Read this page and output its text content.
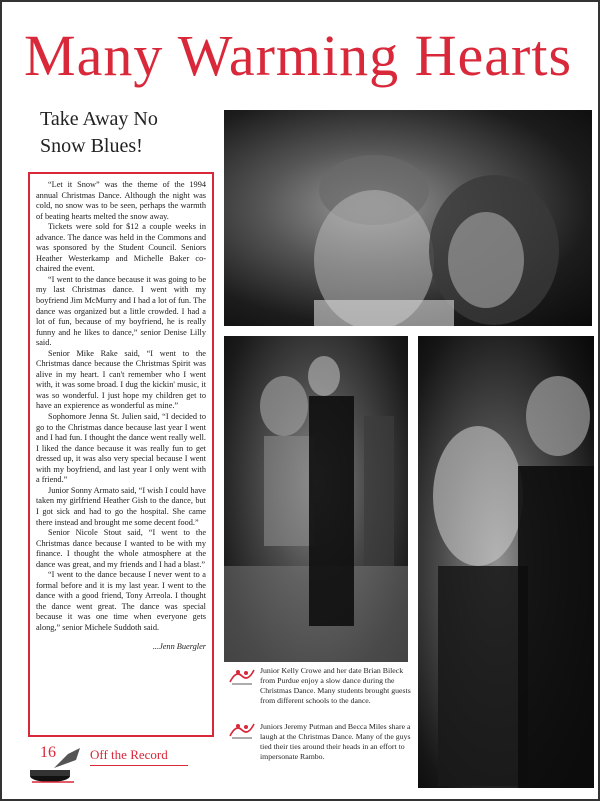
Many Warming Hearts
Take Away No
Snow Blues!

“Let it Snow” was the theme of the 1994 annual Christmas Dance. Although the night was cold, no snow was to be seen, perhaps the warmth of beating hearts melted the snow away.

Tickets were sold for $12 a couple weeks in advance. The dance was held in the Commons and was sponsored by the Student Council. Seniors Heather Westerkamp and Michelle Baker co-chaired the event.

“I went to the dance because it was going to be my last Christmas dance. I went with my boyfriend Jim McMurry and I had a lot of fun. The dance was organized but a little crowded. I had a lot of fun, because of my boyfriend, he is really funny and he likes to dance,” senior Denise Lilly said.

Senior Mike Rake said, “I went to the Christmas dance because the Christmas Spirit was alive in my heart. I can't remember who I went with, it was some broad. I dug the kickin' music, it was so wonderful. I just hope my children get to have an expierence as wonderful as mine.”

Sophomore Jenna St. Julien said, “I decided to go to the Christmas dance because last year I went and I had fun. I thought the dance went really well. I liked the dance because it was really fun to get dressed up, it was also very special because I went with my boyfriend, and last year I only went with a friend.”

Junior Sonny Armato said, “I wish I could have taken my girlfriend Heather Gish to the dance, but I got sick and had to go the hospital. She came there instead and brought me some decent food.”

Senior Nicole Stout said, “I went to the Christmas dance because I wanted to be with my finance. I thought the whole atmosphere at the dance was great, and my friends and I had a blast.”

“I went to the dance because I never went to a formal before and it is my last year. I went to the dance with a good friend, Tony Arreola. I thought the dance went great. The dance was special because it was one time when everyone gets along,” senior Michele Suddoth said.

...Jenn Buergler

Junior Kelly Crowe and her date Brian Bileck from Purdue enjoy a slow dance during the Christmas Dance. Many students brought guests from different schools to the dance.
Juniors Jeremy Putman and Becca Miles share a laugh at the Christmas Dance. Many of the guys tied their ties around their heads in an effort to impersonate Rambo.
16	Off the Record
